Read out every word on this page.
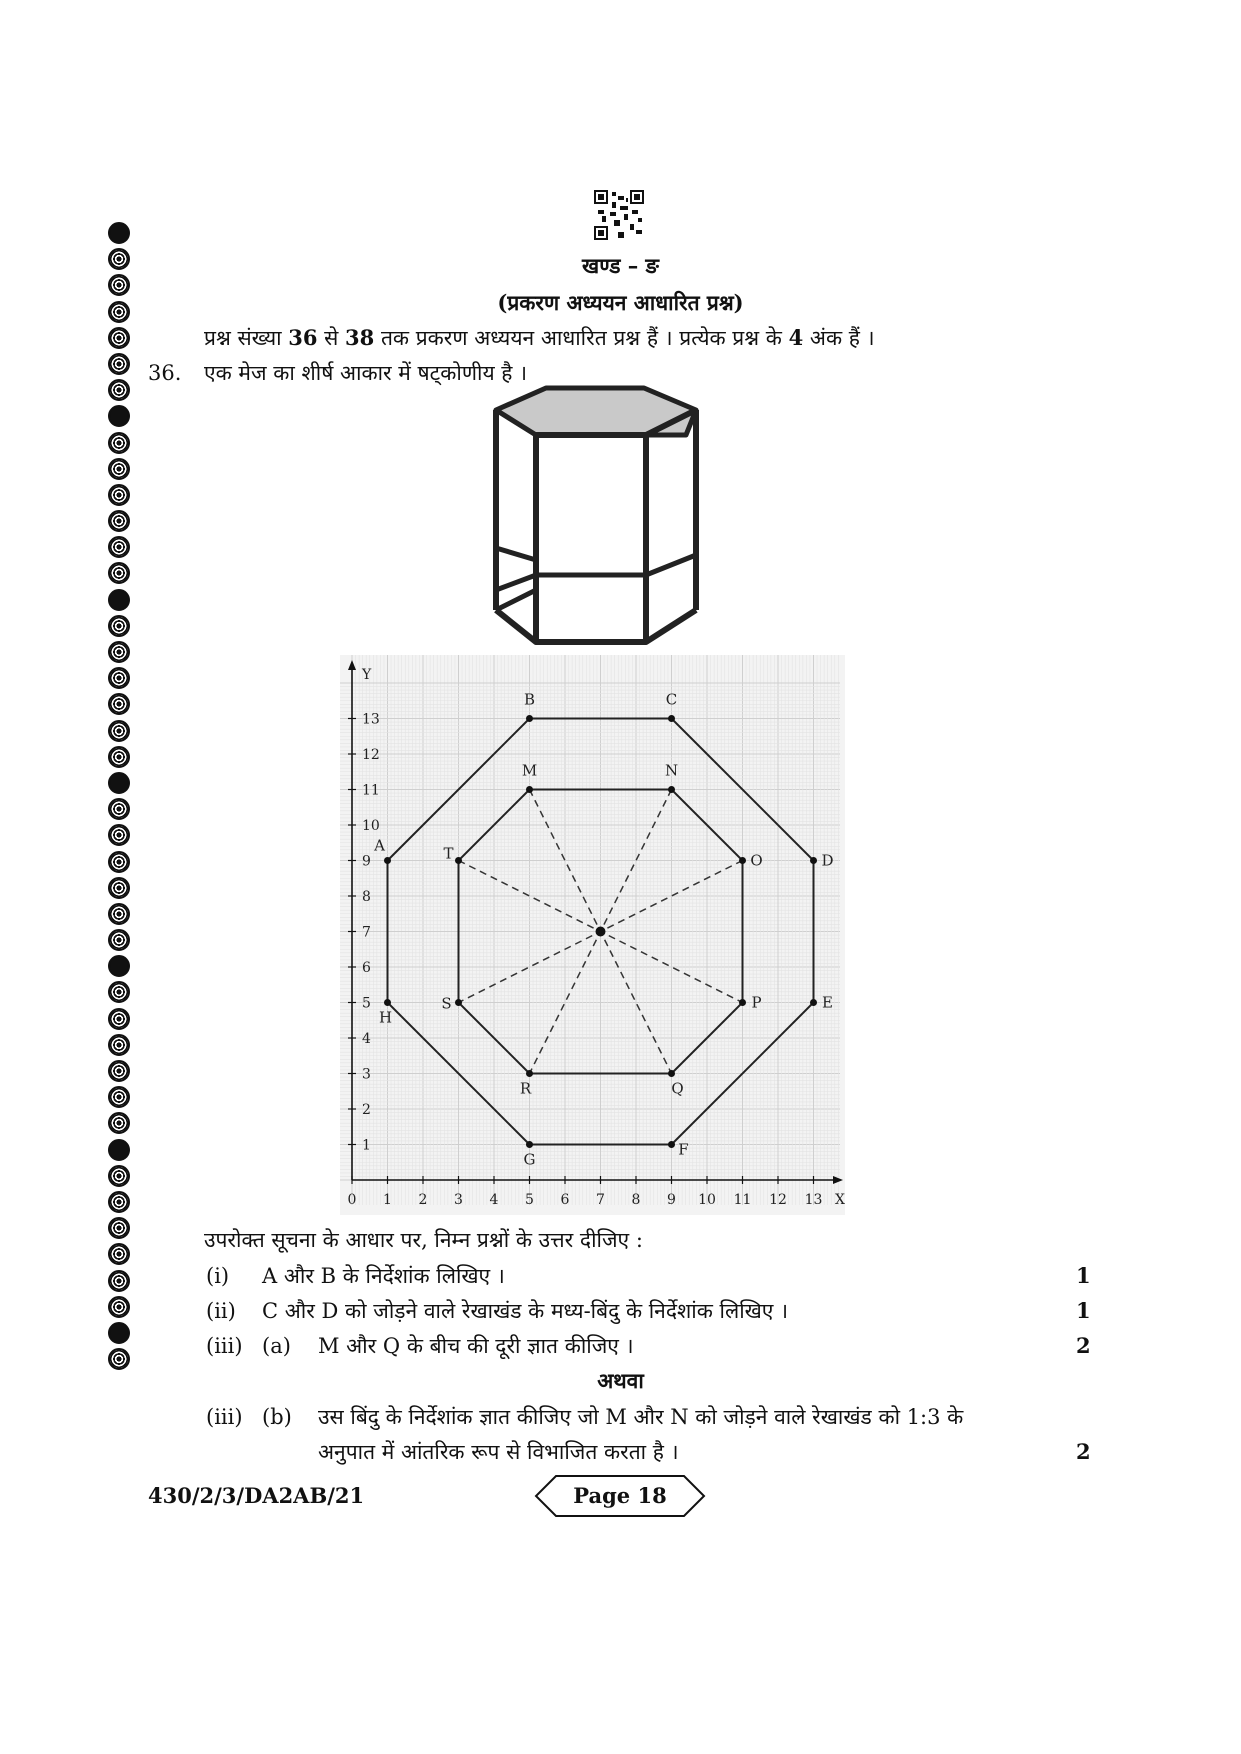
खण्ड – ङ
(प्रकरण अध्ययन आधारित प्रश्न)
प्रश्न संख्या 36 से 38 तक प्रकरण अध्ययन आधारित प्रश्न हैं । प्रत्येक प्रश्न के 4 अंक हैं ।
36. एक मेज का शीर्ष आकार में षट्कोणीय है ।
0 1 2 3 4 5 6 7 8 9 10 11 12 13
1
2
3
4
5
6
7
8
9
10
11
12
13
X
Y
A
B	C
D
E
F
G
H
M	N
O
P
Q
R
S
T
उपरोक्त सूचना के आधार पर, निम्न प्रश्नों के उत्तर दीजिए :
(i) A और B के निर्देशांक लिखिए ।	1
(ii) C और D को जोड़ने वाले रेखाखंड के मध्य-बिंदु के निर्देशांक लिखिए ।	1
(iii) (a) M और Q के बीच की दूरी ज्ञात कीजिए ।	2
अथवा
(iii) (b) उस बिंदु के निर्देशांक ज्ञात कीजिए जो M और N को जोड़ने वाले रेखाखंड को 1:3 के
अनुपात में आंतरिक रूप से विभाजित करता है ।	2
430/2/3/DA2AB/21	Page 18
